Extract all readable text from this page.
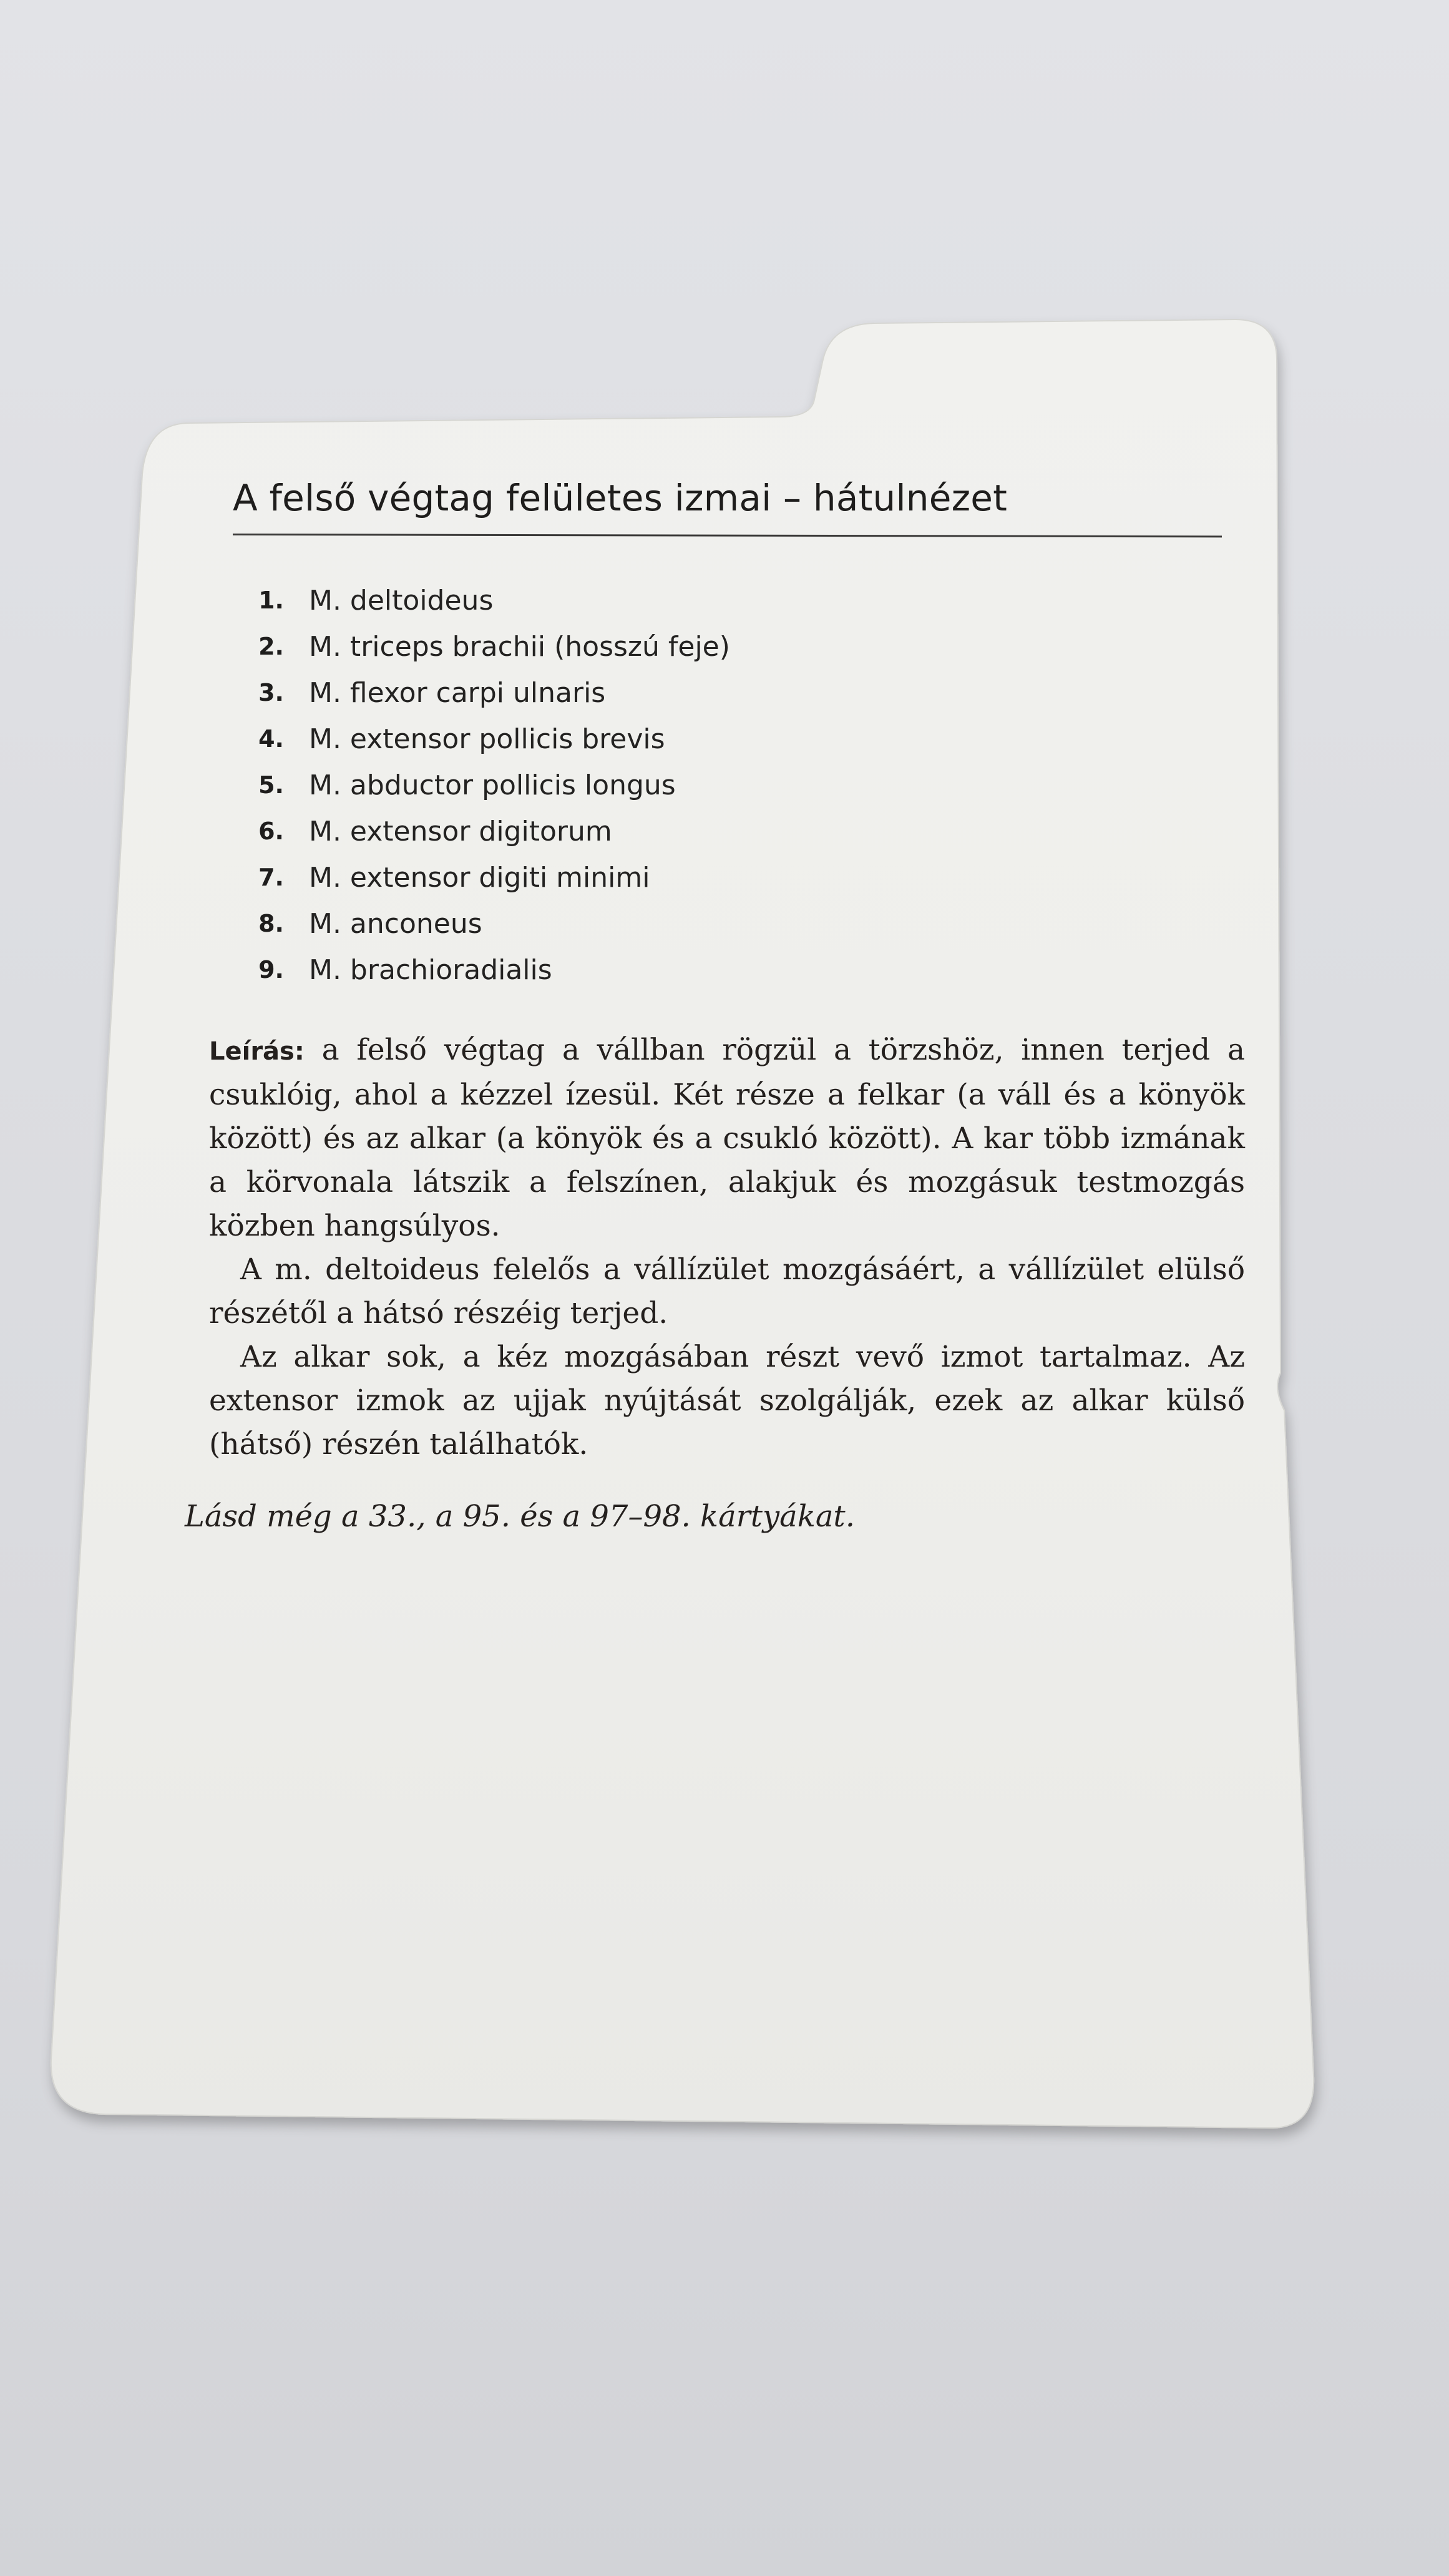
A felső végtag felületes izmai – hátulnézet
1. M. deltoideus
2. M. triceps brachii (hosszú feje)
3. M. flexor carpi ulnaris
4. M. extensor pollicis brevis
5. M. abductor pollicis longus
6. M. extensor digitorum
7. M. extensor digiti minimi
8. M. anconeus
9. M. brachioradialis

Leírás: a felső végtag a vállban rögzül a törzshöz, innen terjed a csuklóig, ahol a kézzel ízesül. Két része a felkar (a váll és a könyök között) és az alkar (a könyök és a csukló között). A kar több izmának a körvonala látszik a felszínen, alakjuk és mozgásuk testmozgás közben hangsúlyos.

A m. deltoideus felelős a vállízület mozgásáért, a vállízület elülső részétől a hátsó részéig terjed.

Az alkar sok, a kéz mozgásában részt vevő izmot tartalmaz. Az extensor izmok az ujjak nyújtását szolgálják, ezek az alkar külső (hátső) részén találhatók.

Lásd még a 33., a 95. és a 97–98. kártyákat.
